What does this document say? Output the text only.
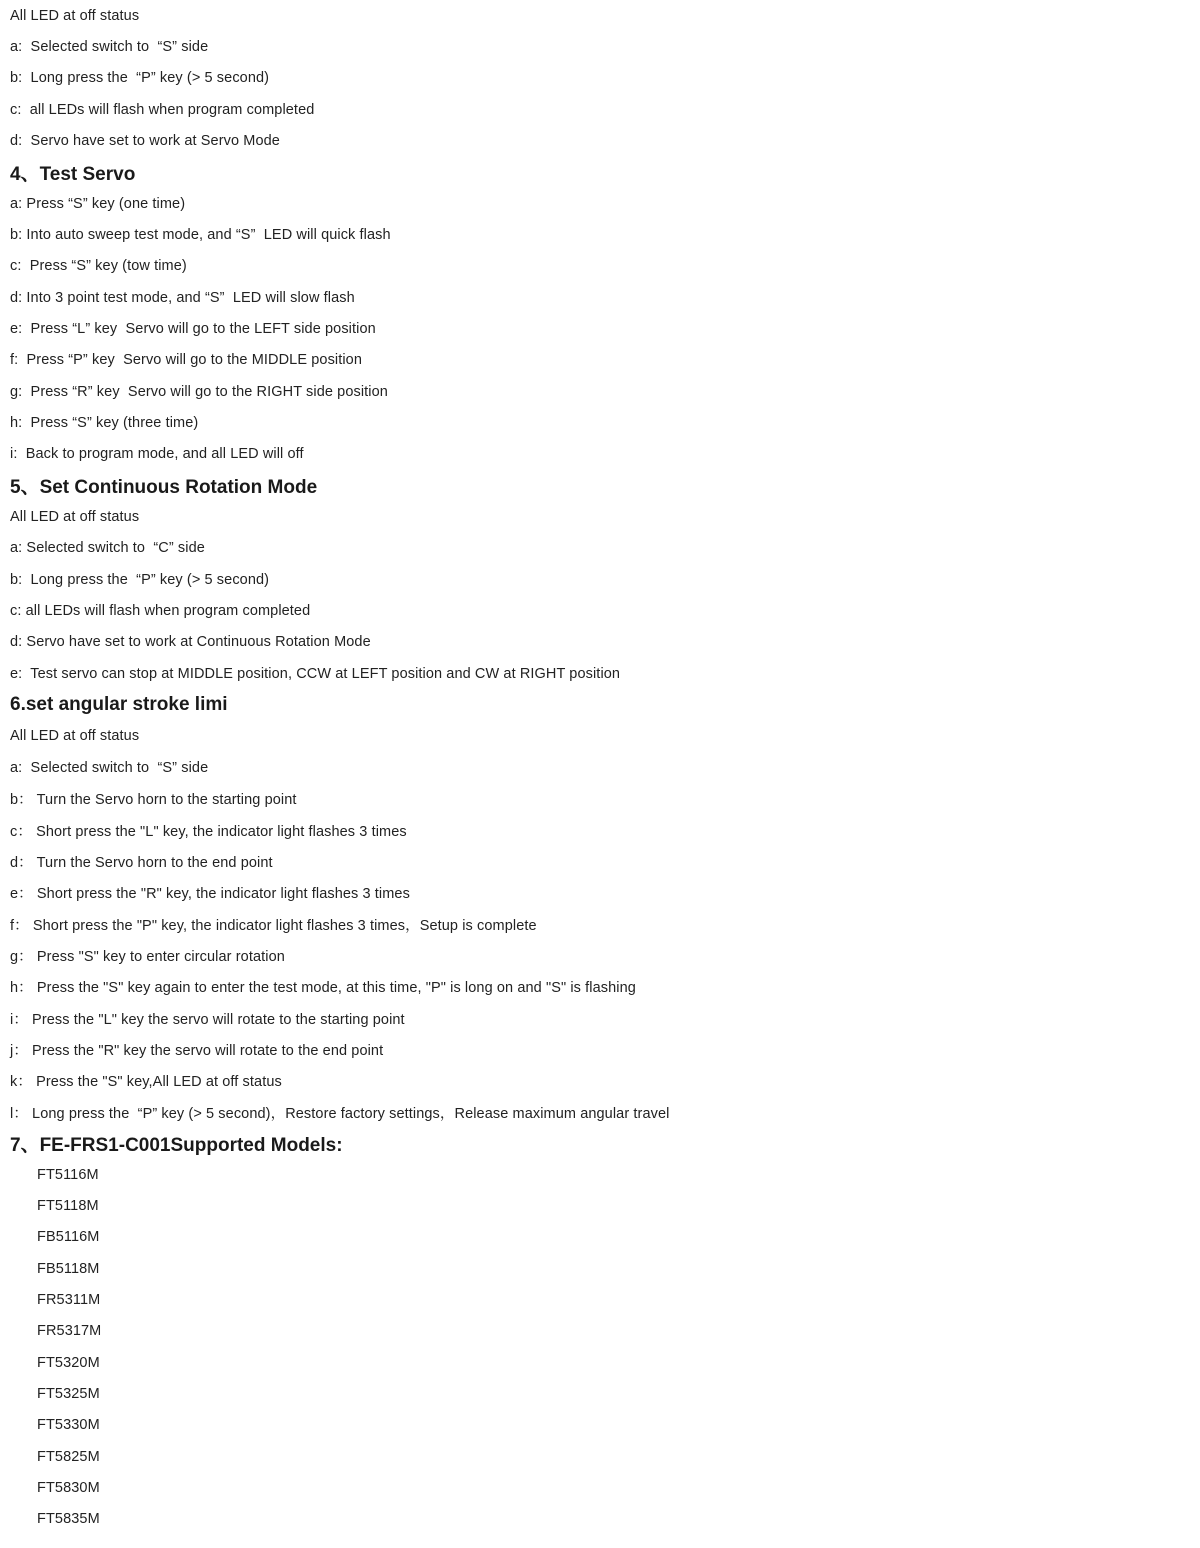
All LED at off status
a:  Selected switch to  “S” side
b:  Long press the  “P” key (> 5 second)
c:  all LEDs will flash when program completed
d:  Servo have set to work at Servo Mode
4、Test Servo
a: Press “S” key (one time)
b: Into auto sweep test mode, and “S”  LED will quick flash
c:  Press “S” key (tow time)
d: Into 3 point test mode, and “S”  LED will slow flash
e:  Press “L” key  Servo will go to the LEFT side position
f:  Press “P” key  Servo will go to the MIDDLE position
g:  Press “R” key  Servo will go to the RIGHT side position
h:  Press “S” key (three time)
i:  Back to program mode, and all LED will off
5、Set Continuous Rotation Mode
All LED at off status
a: Selected switch to  “C” side
b:  Long press the  “P” key (> 5 second)
c: all LEDs will flash when program completed
d: Servo have set to work at Continuous Rotation Mode
e:  Test servo can stop at MIDDLE position, CCW at LEFT position and CW at RIGHT position
6.set angular stroke limi
All LED at off status
a:  Selected switch to  “S” side
b： Turn the Servo horn to the starting point
c： Short press the "L" key, the indicator light flashes 3 times
d： Turn the Servo horn to the end point
e： Short press the "R" key, the indicator light flashes 3 times
f： Short press the "P" key, the indicator light flashes 3 times，Setup is complete
g： Press "S" key to enter circular rotation
h： Press the "S" key again to enter the test mode, at this time, "P" is long on and "S" is flashing
i： Press the "L" key the servo will rotate to the starting point
j： Press the "R" key the servo will rotate to the end point
k： Press the "S" key,All LED at off status
l： Long press the  “P” key (> 5 second)，Restore factory settings，Release maximum angular travel
7、FE-FRS1-C001Supported Models:
FT5116M
FT5118M
FB5116M
FB5118M
FR5311M
FR5317M
FT5320M
FT5325M
FT5330M
FT5825M
FT5830M
FT5835M
